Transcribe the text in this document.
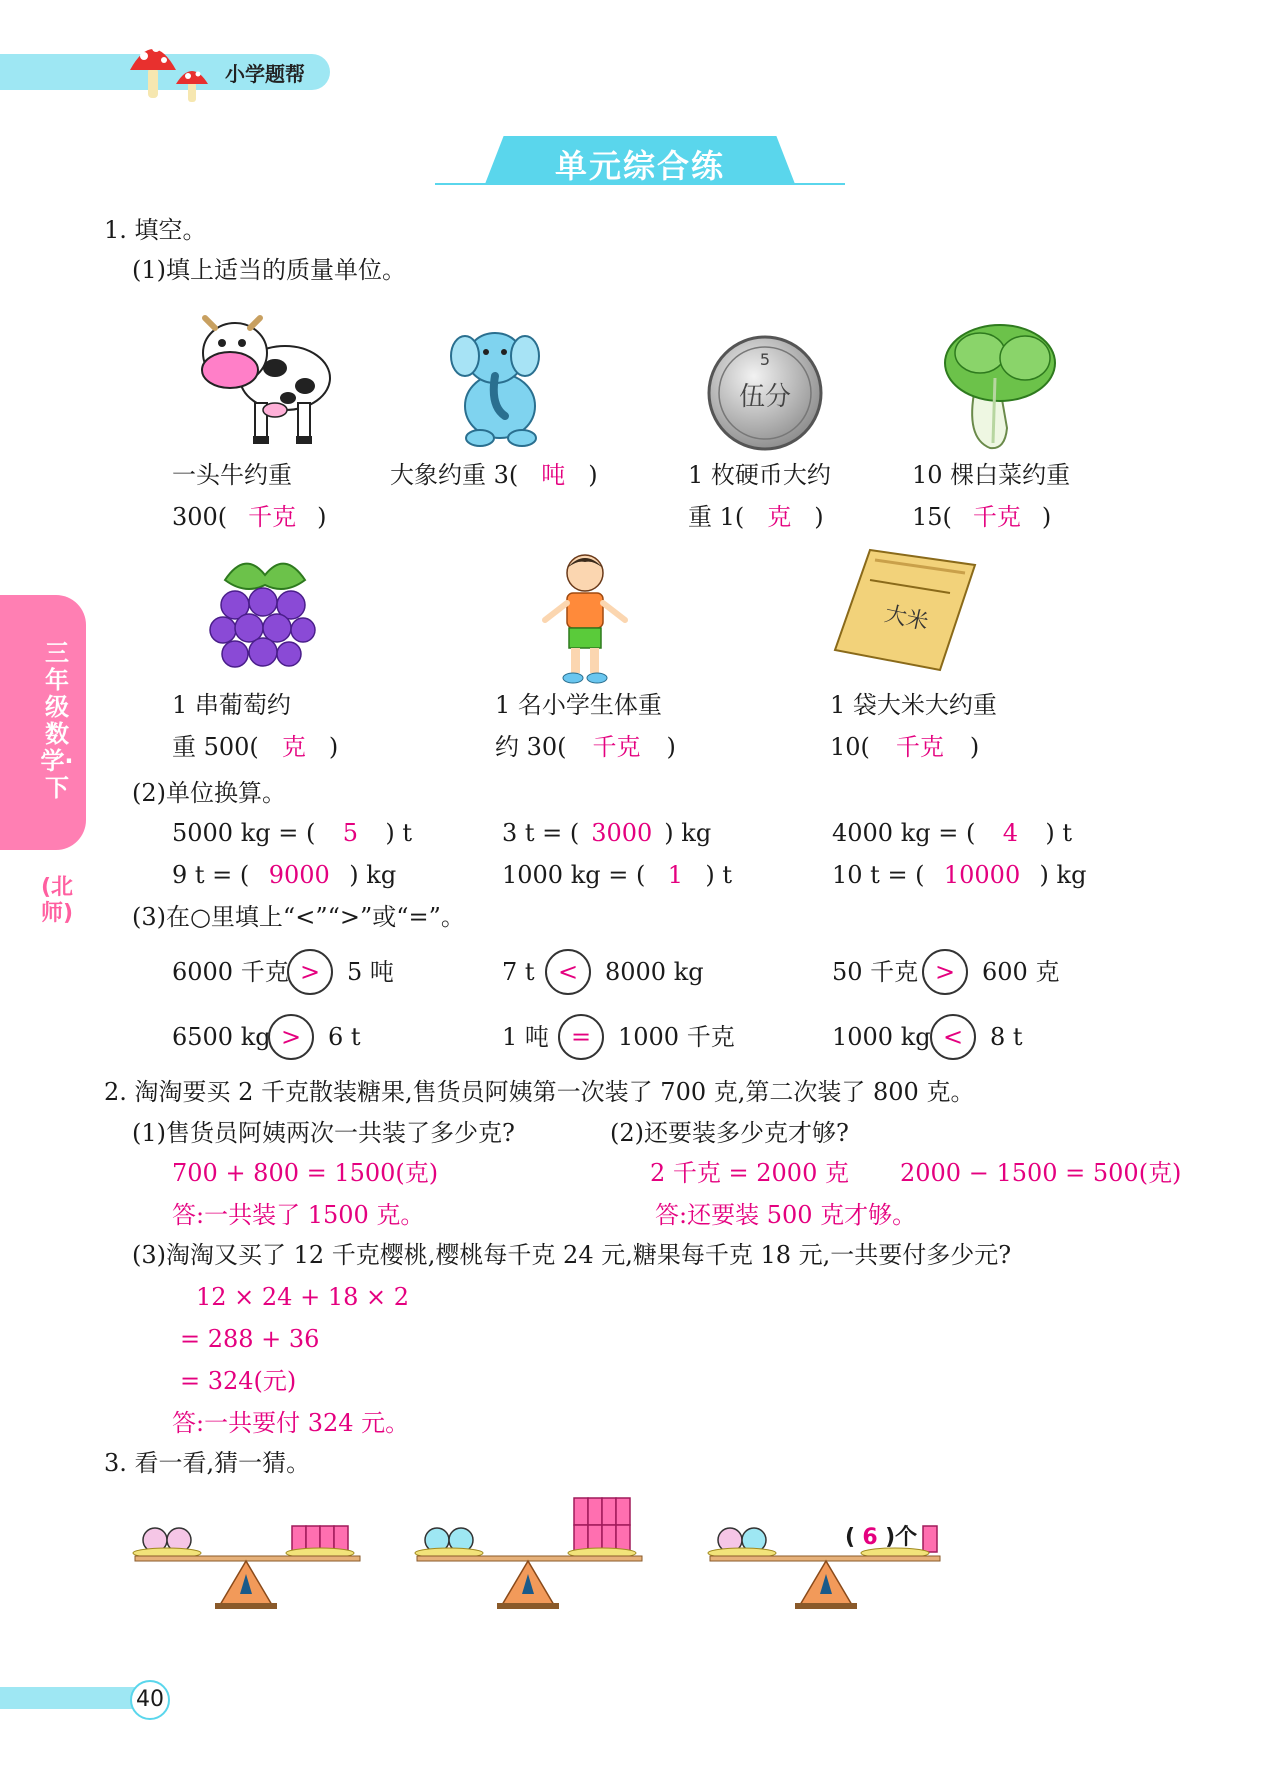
小学题帮
单元综合练
三年级数学·下
(北师)
1. 填空。
(1)填上适当的质量单位。
5
伍分
一头牛约重
300( 千克 )
大象约重 3( 吨 )	1 枚硬币大约
重 1( 克 )
10 棵白菜约重
15( 千克 )
大米
1 串葡萄约
重 500( 克 )
1 名小学生体重
约 30( 千克 )
1 袋大米大约重
10( 千克 )
(2)单位换算。
5000 kg = ( 5 ) t	3 t = ( 3000 ) kg	4000 kg = ( 4 ) t
9 t = ( 9000 ) kg	1000 kg = ( 1 ) t	10 t = ( 10000 ) kg
(3)在○里填上“<”“>”或“=”。
6000 千克 >	5 吨	7 t <	8000 kg	50 千克 >	600 克
6500 kg >	6 t	1 吨 =	1000 千克	1000 kg <	8 t
2. 淘淘要买 2 千克散装糖果,售货员阿姨第一次装了 700 克,第二次装了 800 克。
(1)售货员阿姨两次一共装了多少克?	(2)还要装多少克才够?
700 + 800 = 1500(克)	2 千克 = 2000 克 2000 − 1500 = 500(克)
答:一共装了 1500 克。	答:还要装 500 克才够。
(3)淘淘又买了 12 千克樱桃,樱桃每千克 24 元,糖果每千克 18 元,一共要付多少元?
12 × 24 + 18 × 2
= 288 + 36
= 324(元)
答:一共要付 324 元。
3. 看一看,猜一猜。
( 6 )个
40
